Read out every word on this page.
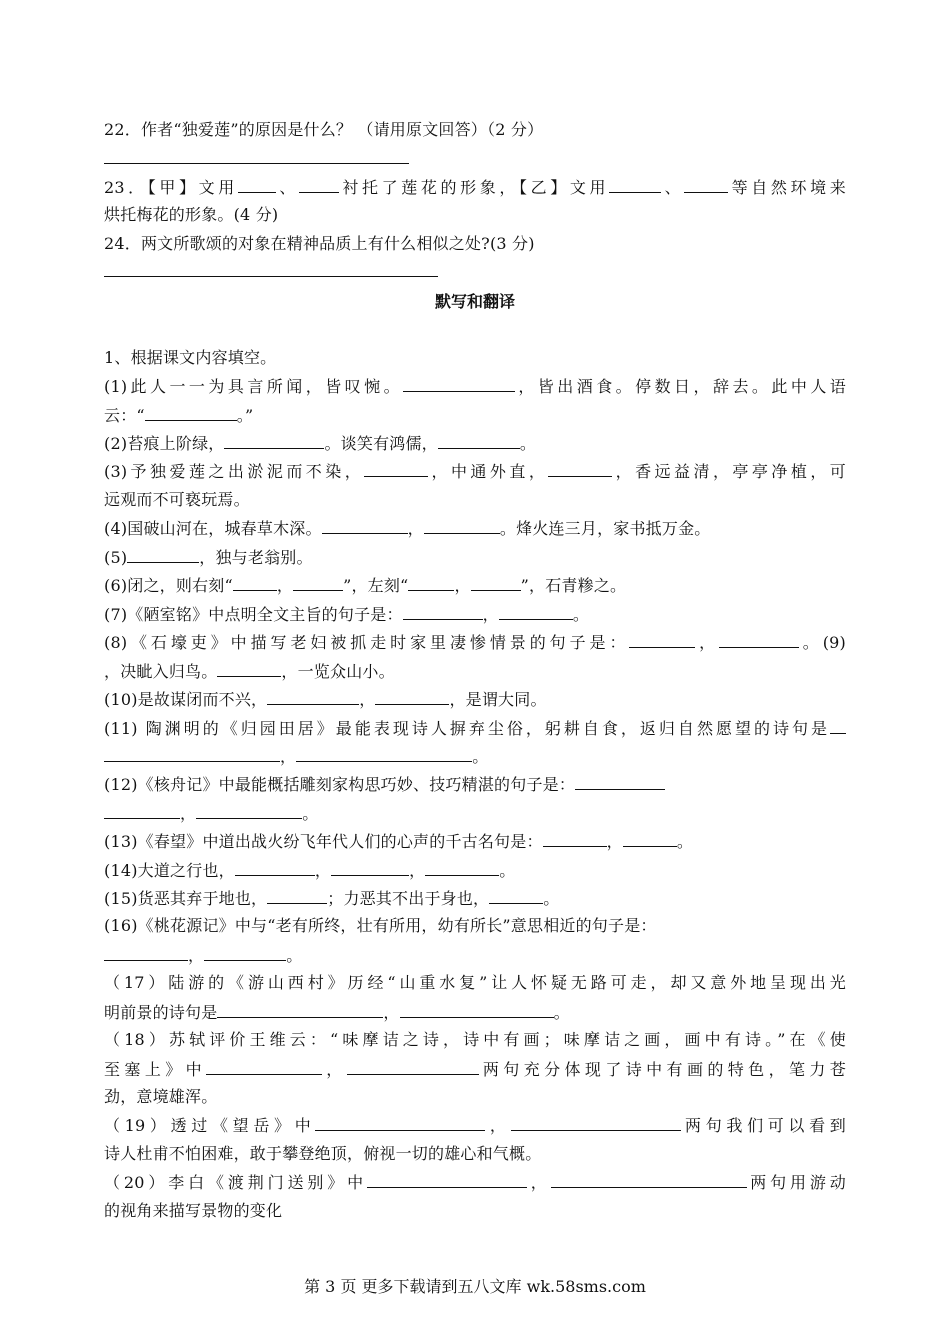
22．作者“独爱莲”的原因是什么？ （请用原文回答）（2 分）
23．【甲】文用 、	衬托了莲花的形象，【乙】文用	、	等自然环境来
烘托梅花的形象。(4 分)
24．两文所歌颂的对象在精神品质上有什么相似之处?(3 分)
默写和翻译
1、根据课文内容填空。
(1)此人一一为具言所闻，皆叹惋。	，皆出酒食。停数日，辞去。此中人语
云：“	。”
(2)苔痕上阶绿，	。谈笑有鸿儒，	。
(3)予独爱莲之出淤泥而不染，	，中通外直，	，香远益清，亭亭净植，可
远观而不可亵玩焉。
(4)国破山河在，城春草木深。	，	。烽火连三月，家书抵万金。
(5)	，独与老翁别。
(6)闭之，则右刻“	，	”，左刻“	，	”，石青糁之。
(7)《陋室铭》中点明全文主旨的句子是：	，	。
(8)《石壕吏》中描写老妇被抓走时家里凄惨情景的句子是：	，	。(9)
，决眦入归鸟。	，一览众山小。
(10)是故谋闭而不兴，	，	，是谓大同。
(11) 陶渊明的《归园田居》最能表现诗人摒弃尘俗，躬耕自食，返归自然愿望的诗句是
，	。
(12)《核舟记》中最能概括雕刻家构思巧妙、技巧精湛的句子是：
，	。
(13)《春望》中道出战火纷飞年代人们的心声的千古名句是：	，	。
(14)大道之行也，	，	，	。
(15)货恶其弃于地也，	；力恶其不出于身也，	。
(16)《桃花源记》中与“老有所终，壮有所用，幼有所长”意思相近的句子是：
，	。
（17）陆游的《游山西村》历经“山重水复”让人怀疑无路可走，却又意外地呈现出光
明前景的诗句是	，	。
（18）苏轼评价王维云：“味摩诘之诗，诗中有画；味摩诘之画，画中有诗。”在《使
至塞上》中	，	两句充分体现了诗中有画的特色，笔力苍
劲，意境雄浑。
（19）透过《望岳》中	，	两句我们可以看到
诗人杜甫不怕困难，敢于攀登绝顶，俯视一切的雄心和气概。
（20）李白《渡荆门送别》中	，	两句用游动
的视角来描写景物的变化
第 3 页 更多下载请到五八文库 wk.58sms.com
